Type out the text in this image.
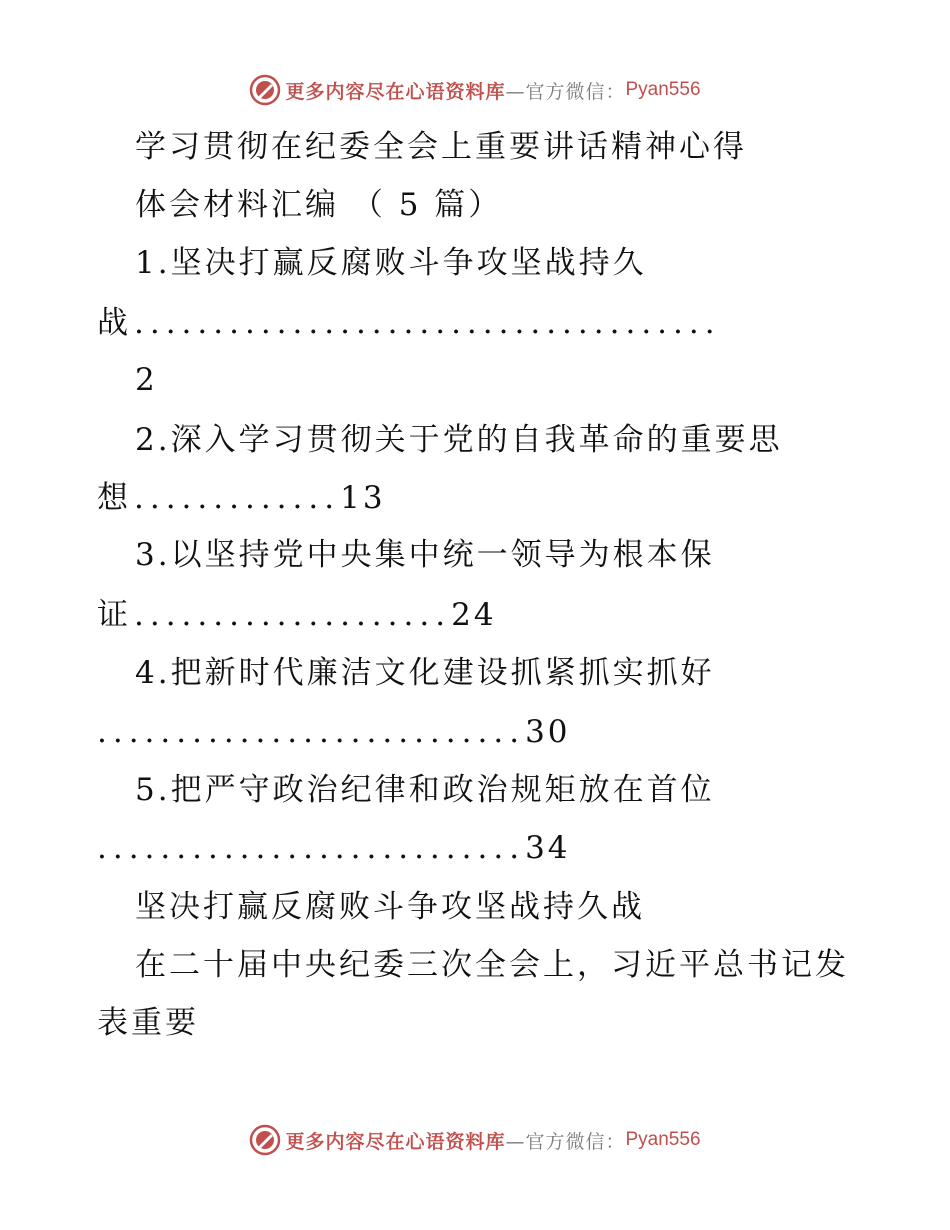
更多内容尽在心语资料库 —官方微信： Pyan556
学习贯彻在纪委全会上重要讲话精神心得
体会材料汇编 （ 5 篇）
1.坚决打赢反腐败斗争攻坚战持久
战.....................................
2
2.深入学习贯彻关于党的自我革命的重要思
想.............13
3.以坚持党中央集中统一领导为根本保
证....................24
4.把新时代廉洁文化建设抓紧抓实抓好
...........................30
5.把严守政治纪律和政治规矩放在首位
...........................34
坚决打赢反腐败斗争攻坚战持久战
在二十届中央纪委三次全会上，习近平总书记发
表重要
更多内容尽在心语资料库 —官方微信： Pyan556
